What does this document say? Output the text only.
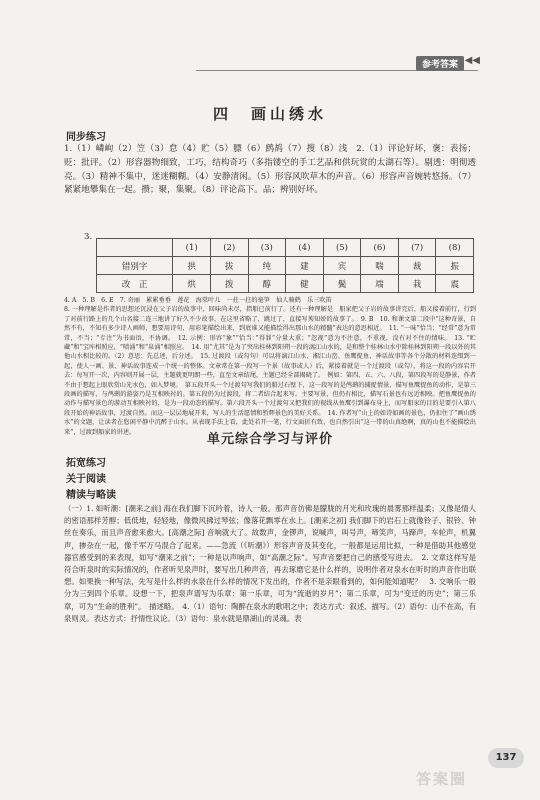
参考答案 ◀◀
四　画山绣水
同步练习
1.（1）嶙峋（2）笠（3）怠（4）贮（5）膘（6）鹧鸪（7）搜（8）浅　2.（1）评论好坏，褒：表扬；贬：批评。（2）形容器物细致，工巧，结构奇巧（多指镂空的手工艺品和供玩赏的太湖石等）。剔透：明彻透亮。（3）精神不集中，迷迷糊糊。（4）安静清闲。（5）形容风吹草木的声音。（6）形容声音婉转悠扬。（7）紧紧地攀集在一起。攒；聚，集聚。（8）评论高下。品；辨别好坏。
3.
	(1)	(2)	(3)	(4)	(5)	(6)	(7)	(8)
错别字	拱	拔	纯	建	宾	喘	裁	振
改　正	烘	拨	醇	健	鬓	端	栽	震
4. A　5. B　6. E　7. 奇丽　累累垂垂　莲花　海棠叶儿　一拄一拄的毫笋　仙人骑鹤　乐三吹笛
8. 一种理解是作者的思想还沉浸在父子岩的故事中，回味尚未尽，指船已前行了。还有一种理解是　船家把父子岩的故事讲完后，船又接着前行，行到了对前行路上的几个山名接二连三地讲了好久不少故事，在这里省略了，跳过了，直接写莠知娇的故事了。　9. B　10. 和课文第二段中“这种奇景，自然不有，不知有多少诗人画师，想要用诗句，用彩笔描绘出来，到底谁又能描绘得出那山水的精髓”表达的意思相近。　11. “一味”恰当；“经常”意为常常，不当；“专注”为书面语，不协调。　12. 示例：形容“象”“恰当：”得罪“分量大重；“忽视”意为不注意，不重视，没有对不住的情味。　13. “贮藏”和“宝库相照应，“喷涌”和“泉涌”相照应。　14. 用“尤其”是为了突出桂林到阳朔一段的漓江山水的，是和整个桂林山水中除桂林到阳朔一段以外的其他山水相比较的。（2）意思：先总述，后分述。　15. 过渡段（或勾句）可以将漓江山水、湘江山峦、鱼鹰捉鱼、神话故事等各个分散的材料连缀到一起，使人一画、景、神话故事连成一个统一的整体。文章常在第一段写一个景（故事或人）后，紧接着就是一个过渡段（或勾），将这一段的内容宕开去：每写开一次，内容则开展一层，主题就更明朗一些，直至文章结尾，主题已经全部揭晓了。　例如：第四、五、六、八段，第四段写的是静景，作者不由于想起上眼欣赏山光水色，如入梦境。　第五段开头一个过渡句写我们的船过石壁下，这一段写的是鸬鹚的捕捉情景，描写鱼鹰捉鱼的动作，是第三段画的描写，与鸬鹚的游姿乃是互相映衬的。第五段仍为过渡段，将二者结合起来写。主要写景，但仍有相比，描写石景也有远近相映。把鱼鹰捉鱼的动作与描写景色的游动互相映衬的，是为一段动态的描写。第六段开头一个过渡句又把我们的视线从鱼鹰引到瀑布身上，而写船家的目的是要引入第八段开始的神话故事，过渡自然。而这一层层地展开来，写人的生活愿情和暂辉景色的美好关系。　14. 作者写“山上的如诗如画的景色，仍扣住了“画山绣水”的文题，让读者在悠闲平静中沉醉于山水。从表现手法上看，此处若开一笔，行文面折有致，也自然引出“这一带的山真绝啊，真的山也不能描绘出来”，过渡到船家的讲述。	单元综合学习与评价
拓宽练习
关于阅读
精读与略读
（一）1. 如听潮：[潮来之前] 海在我们脚下沉吟着，诗人一般。那声音仿佛是朦胧的月光和玫瑰的晨雾那样温柔；又像是情人的密语那样芳醇；低低地，轻轻地，像微风拂过琴弦；像落花飘零在水上。[潮来之初] 我们脚下的岩石上就像铃子、银铃、钟丝在奏乐，而且声音愈来愈大。[高潮之际] 音响就大了。故数声，金锣声，说喊声，叫号声，啼笑声，马蹄声，车轮声，机翼声，掺杂在一起，像千军万马混合了起来。——急流（《听潮》）形容声音及其变化，一般都是运用比拟，一种是借助其他感觉器官感受到的来表现，如写“潮来之前”；一种是以声响声，如“高潮之际”。写声音要把自己的感受写进去。　2. 文章这样写是符合听泉时的实际情况的，作者听见泉声时，要写出几种声音，再去琢磨它是什么样的，说明作者对泉水在听时的声音作出联想。如果换一种写法，先写是什么样的水泉在什么样的情况下发出的，作者不是亲眼看到的，如何能知道呢？　3. 交响乐一般分为三到四个乐章。设想一下，把泉声谱写为乐章：第一乐章，可为“流逝的岁月”；第二乐章，可为“变迁的历史”；第三乐章，可为“生命的胜利”。　描述略。　4.（1）语句：陶醉在泉水的歌唱之中；表达方式：叙述、描写。（2）语句：山不在高，有泉则灵。表达方式：抒情性议论。（3）语句：泉水就是鼎湖山的灵魂。表
137
答案圈
